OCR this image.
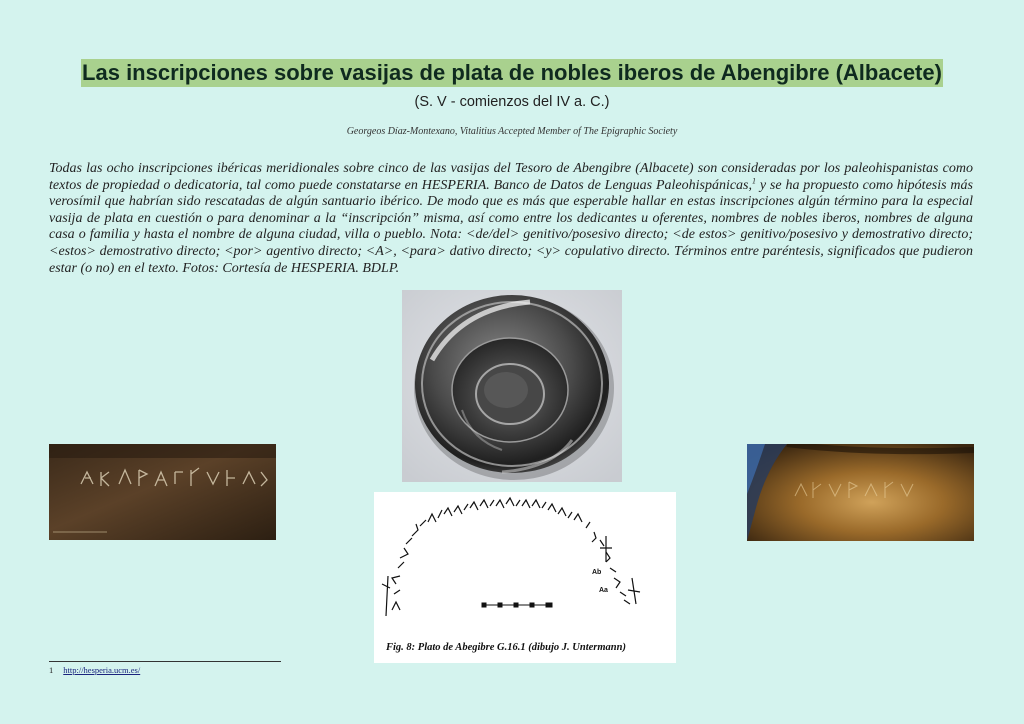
Las inscripciones sobre vasijas de plata de nobles iberos de Abengibre (Albacete)
(S. V - comienzos del IV a. C.)
Georgeos Díaz-Montexano, Vitalitius Accepted Member of The Epigraphic Society
Todas las ocho inscripciones ibéricas meridionales sobre cinco de las vasijas del Tesoro de Abengibre (Albacete) son consideradas por los paleohispanistas como textos de propiedad o dedicatoria, tal como puede constatarse en HESPERIA. Banco de Datos de Lenguas Paleohispánicas,$^1$ y se ha propuesto como hipótesis más verosímil que habrían sido rescatadas de algún santuario ibérico. De modo que es más que esperable hallar en estas inscripciones algún término para la especial vasija de plata en cuestión o para denominar a la “inscripción” misma, así como entre los dedicantes u oferentes, nombres de nobles iberos, nombres de alguna casa o familia y hasta el nombre de alguna ciudad, villa o pueblo. Nota: <de/del> genitivo/posesivo directo; <de estos> genitivo/posesivo y demostrativo directo; <estos> demostrativo directo; <por> agentivo directo; <A>, <para> dativo directo; <y> copulativo directo. Términos entre paréntesis, significados que pudieron estar (o no) en el texto. Fotos: Cortesía de HESPERIA. BDLP.
Ab
Aa
Fig. 8: Plato de Abegibre G.16.1 (dibujo J. Untermann)
1 http://hesperia.ucm.es/
